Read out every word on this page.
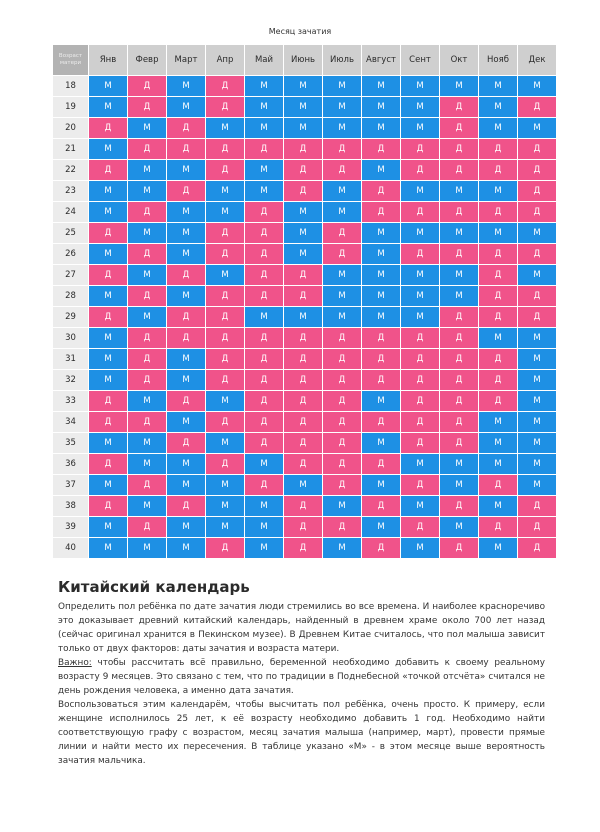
Месяц зачатия
Возраст матери	Янв	Февр	Март	Апр	Май	Июнь	Июль	Август	Сент	Окт	Нояб	Дек
18	М	Д	М	Д	М	М	М	М	М	М	М	М
19	М	Д	М	Д	М	М	М	М	М	Д	М	Д
20	Д	М	Д	М	М	М	М	М	М	Д	М	М
21	М	Д	Д	Д	Д	Д	Д	Д	Д	Д	Д	Д
22	Д	М	М	Д	М	Д	Д	М	Д	Д	Д	Д
23	М	М	Д	М	М	Д	М	Д	М	М	М	Д
24	М	Д	М	М	Д	М	М	Д	Д	Д	Д	Д
25	Д	М	М	Д	Д	М	Д	М	М	М	М	М
26	М	Д	М	Д	Д	М	Д	М	Д	Д	Д	Д
27	Д	М	Д	М	Д	Д	М	М	М	М	Д	М
28	М	Д	М	Д	Д	Д	М	М	М	М	Д	Д
29	Д	М	Д	Д	М	М	М	М	М	Д	Д	Д
30	М	Д	Д	Д	Д	Д	Д	Д	Д	Д	М	М
31	М	Д	М	Д	Д	Д	Д	Д	Д	Д	Д	М
32	М	Д	М	Д	Д	Д	Д	Д	Д	Д	Д	М
33	Д	М	Д	М	Д	Д	Д	М	Д	Д	Д	М
34	Д	Д	М	Д	Д	Д	Д	Д	Д	Д	М	М
35	М	М	Д	М	Д	Д	Д	М	Д	Д	М	М
36	Д	М	М	Д	М	Д	Д	Д	М	М	М	М
37	М	Д	М	М	Д	М	Д	М	Д	М	Д	М
38	Д	М	Д	М	М	Д	М	Д	М	Д	М	Д
39	М	Д	М	М	М	Д	Д	М	Д	М	Д	Д
40	М	М	М	Д	М	Д	М	Д	М	Д	М	Д
Китайский календарь

Определить пол ребёнка по дате зачатия люди стремились во все времена. И наиболее красноречиво это доказывает древний китайский календарь, найденный в древнем храме около 700 лет назад (сейчас оригинал хранится в Пекинском музее). В Древнем Китае считалось, что пол малыша зависит только от двух факторов: даты зачатия и возраста матери.

Важно: чтобы рассчитать всё правильно, беременной необходимо добавить к своему реальному возрасту 9 месяцев. Это связано с тем, что по традиции в Поднебесной «точкой отсчёта» считался не день рождения человека, а именно дата зачатия.

Воспользоваться этим календарём, чтобы высчитать пол ребёнка, очень просто. К примеру, если женщине исполнилось 25 лет, к её возрасту необходимо добавить 1 год. Необходимо найти соответствующую графу с возрастом, месяц зачатия малыша (например, март), провести прямые линии и найти место их пересечения. В таблице указано «М» - в этом месяце выше вероятность зачатия мальчика.
